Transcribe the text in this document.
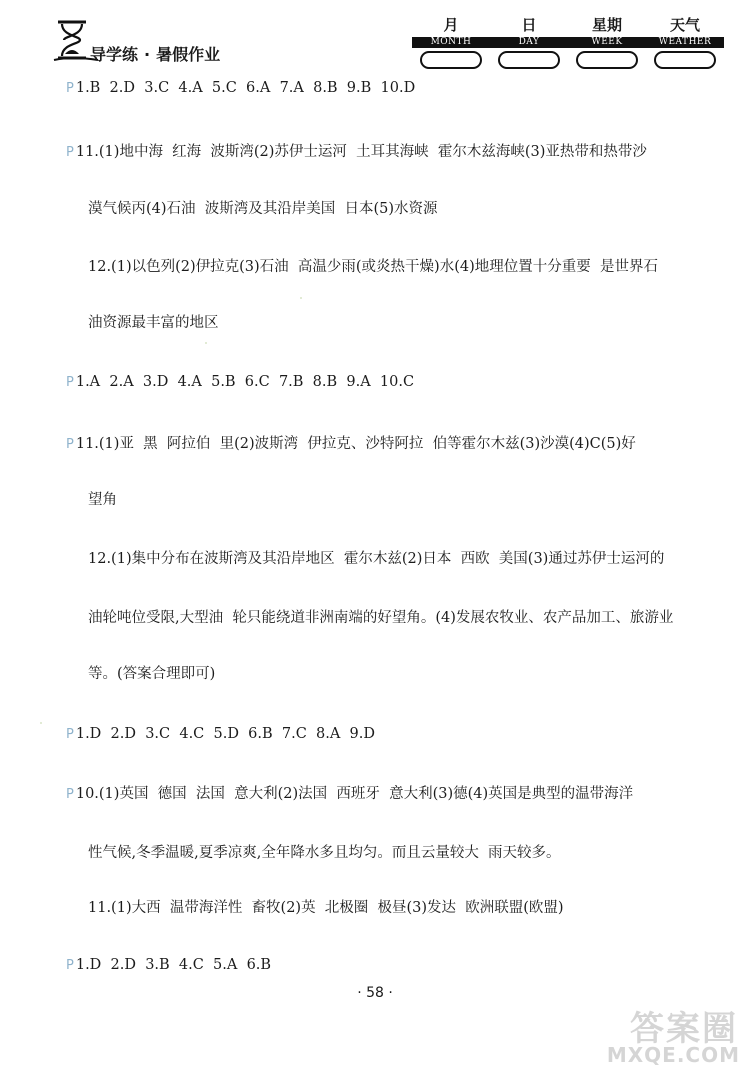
导学练 · 暑假作业
月	日	星期	天气
MONTH	DAY	WEEK	WEATHER
P 1.B  2.D  3.C  4.A  5.C  6.A  7.A  8.B  9.B  10.D
P 11.(1)地中海  红海  波斯湾(2)苏伊士运河  土耳其海峡  霍尔木兹海峡(3)亚热带和热带沙
漠气候丙(4)石油  波斯湾及其沿岸美国  日本(5)水资源
12.(1)以色列(2)伊拉克(3)石油  高温少雨(或炎热干燥)水(4)地理位置十分重要  是世界石
油资源最丰富的地区
P 1.A  2.A  3.D  4.A  5.B  6.C  7.B  8.B  9.A  10.C
P 11.(1)亚  黑  阿拉伯  里(2)波斯湾  伊拉克、沙特阿拉  伯等霍尔木兹(3)沙漠(4)C(5)好
望角
12.(1)集中分布在波斯湾及其沿岸地区  霍尔木兹(2)日本  西欧  美国(3)通过苏伊士运河的
油轮吨位受限,大型油  轮只能绕道非洲南端的好望角。(4)发展农牧业、农产品加工、旅游业
等。(答案合理即可)
P 1.D  2.D  3.C  4.C  5.D  6.B  7.C  8.A  9.D
P 10.(1)英国  德国  法国  意大利(2)法国  西班牙  意大利(3)德(4)英国是典型的温带海洋
性气候,冬季温暖,夏季凉爽,全年降水多且均匀。而且云量较大  雨天较多。
11.(1)大西  温带海洋性  畜牧(2)英  北极圈  极昼(3)发达  欧洲联盟(欧盟)
P 1.D  2.D  3.B  4.C  5.A  6.B
· 58 ·
答案圈
MXQE.COM
